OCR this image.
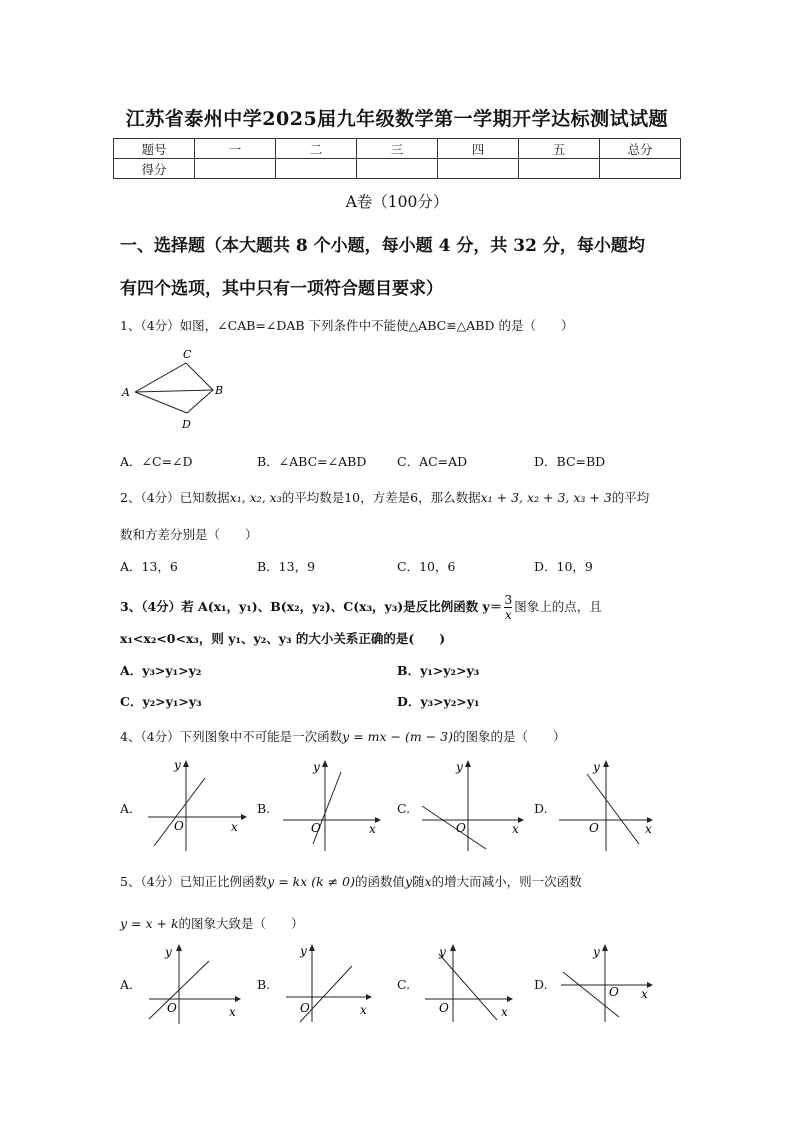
江苏省泰州中学2025届九年级数学第一学期开学达标测试试题
题号	一	二	三	四	五	总分
得分						
A卷（100分）
一、选择题（本大题共 8 个小题，每小题 4 分，共 32 分，每小题均
有四个选项，其中只有一项符合题目要求）
1、（4分）如图，∠CAB=∠DAB 下列条件中不能使△ABC≌△ABD 的是（　　）
C
A	B
D
A．∠C=∠D	B．∠ABC=∠ABD C．AC=AD	D．BC=BD
2、（4分）已知数据x₁, x₂, x₃的平均数是10，方差是6，那么数据x₁ + 3, x₂ + 3, x₃ + 3的平均
数和方差分别是（　　）
A．13，6	B．13，9	C．10，6	D．10，9
3、（4分）若 A(x₁，y₁)、B(x₂，y₂)、C(x₃，y₃)是反比例函数 $y= \frac{3}{x}$ 图象上的点，且
x₁<x₂<0<x₃，则 y₁、y₂、y₃ 的大小关系正确的是(　　)
A．y₃>y₁>y₂	B．y₁>y₂>y₃
C．y₂>y₁>y₃	D．y₃>y₂>y₁
4、（4分）下列图象中不可能是一次函数y = mx − (m − 3)的图象的是（　　）
A.
y
x
O
B.
y
x
O
C.
y
x
O
D.
y
x
O
5、（4分）已知正比例函数y = kx (k ≠ 0)的函数值y随x的增大而减小，则一次函数
y = x + k的图象大致是（　　）
A.
y
x
O
B.
y
x
O
C.
y
x
O
D.
y
x
O
